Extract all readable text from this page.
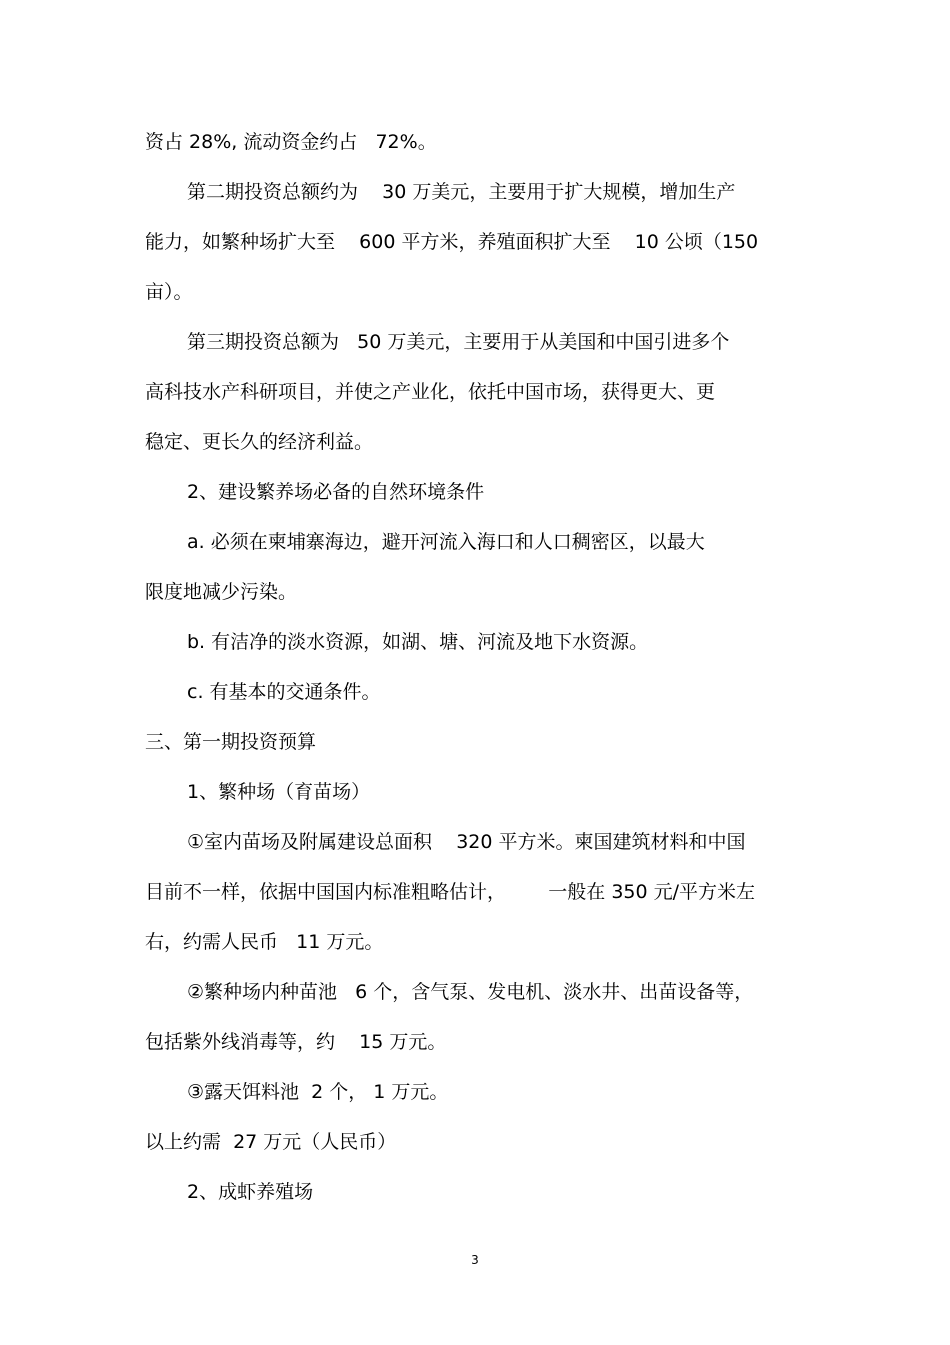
资占 28%, 流动资金约占   72%。
第二期投资总额约为    30 万美元，主要用于扩大规模，增加生产
能力，如繁种场扩大至    600 平方米，养殖面积扩大至    10 公顷（150
亩）。
第三期投资总额为   50 万美元，主要用于从美国和中国引进多个
高科技水产科研项目，并使之产业化，依托中国市场，获得更大、更
稳定、更长久的经济利益。
2、建设繁养场必备的自然环境条件
a. 必须在柬埔寨海边，避开河流入海口和人口稠密区，以最大
限度地减少污染。
b. 有洁净的淡水资源，如湖、塘、河流及地下水资源。
c. 有基本的交通条件。
三、第一期投资预算
1、繁种场（育苗场）
①室内苗场及附属建设总面积    320 平方米。柬国建筑材料和中国
目前不一样，依据中国国内标准粗略估计，       一般在 350 元/平方米左
右，约需人民币   11 万元。
②繁种场内种苗池   6 个，含气泵、发电机、淡水井、出苗设备等，
包括紫外线消毒等，约    15 万元。
③露天饵料池  2 个， 1 万元。
以上约需  27 万元（人民币）
2、成虾养殖场
3
